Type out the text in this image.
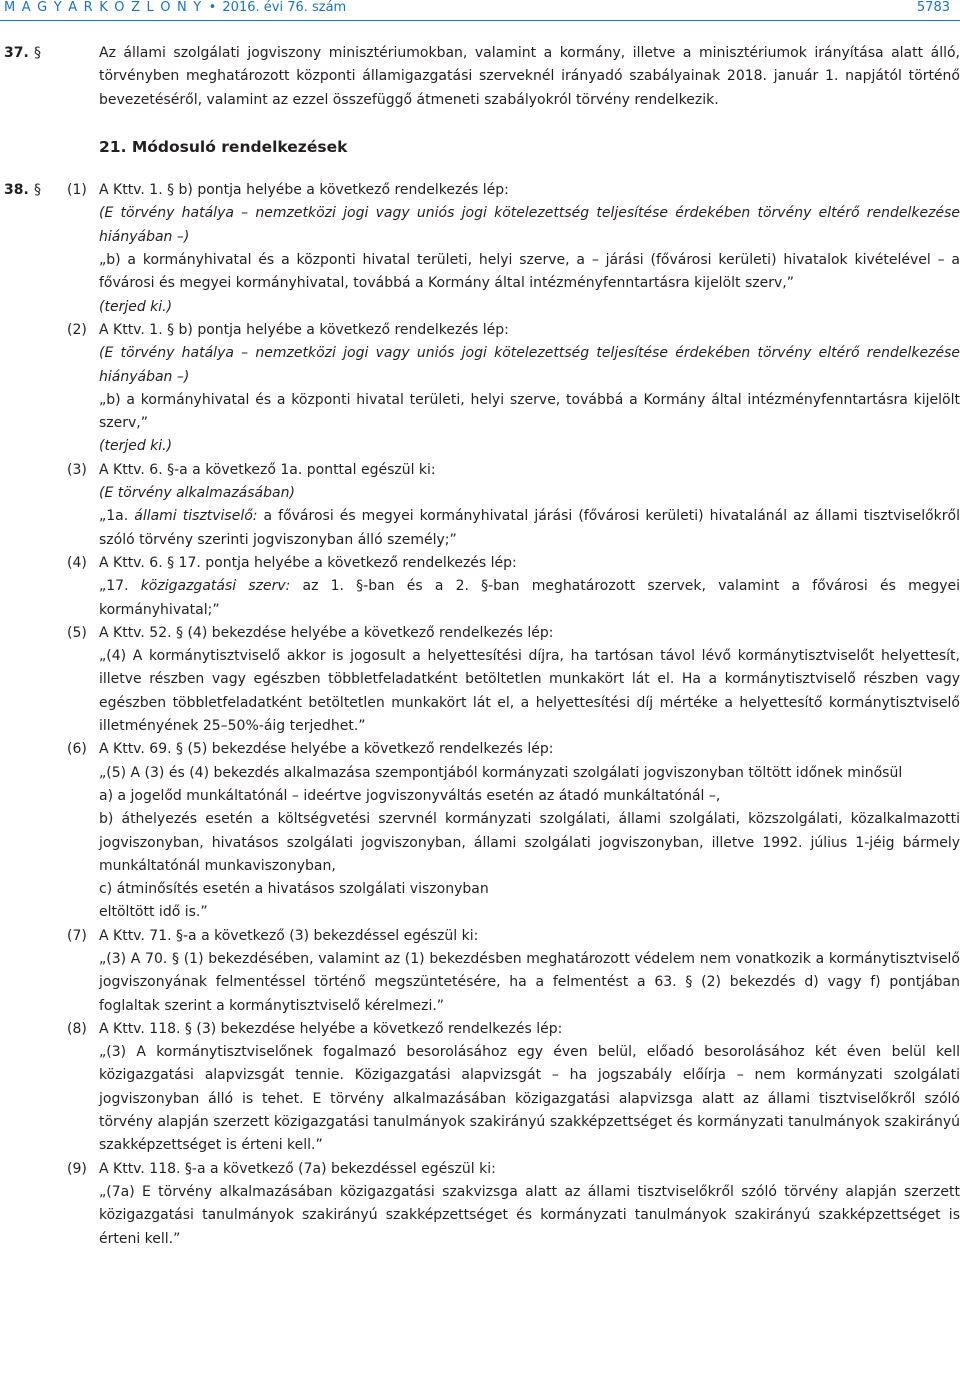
M A G Y A R K Ö Z L Ö N Y • 2016. évi 76. szám	5783
37. §	Az állami szolgálati jogviszony minisztériumokban, valamint a kormány, illetve a minisztériumok irányítása alatt álló, törvényben meghatározott központi államigazgatási szerveknél irányadó szabályainak 2018. január 1. napjától történő bevezetéséről, valamint az ezzel összefüggő átmeneti szabályokról törvény rendelkezik.
21. Módosuló rendelkezések
38. § (1) A Kttv. 1. § b) pontja helyébe a következő rendelkezés lép:
(E törvény hatálya – nemzetközi jogi vagy uniós jogi kötelezettség teljesítése érdekében törvény eltérő rendelkezése hiányában –)
„b) a kormányhivatal és a központi hivatal területi, helyi szerve, a – járási (fővárosi kerületi) hivatalok kivételével – a fővárosi és megyei kormányhivatal, továbbá a Kormány által intézményfenntartásra kijelölt szerv,”
(terjed ki.)
(2) A Kttv. 1. § b) pontja helyébe a következő rendelkezés lép:
(E törvény hatálya – nemzetközi jogi vagy uniós jogi kötelezettség teljesítése érdekében törvény eltérő rendelkezése hiányában –)
„b) a kormányhivatal és a központi hivatal területi, helyi szerve, továbbá a Kormány által intézményfenntartásra kijelölt szerv,”
(terjed ki.)
(3) A Kttv. 6. §-a a következő 1a. ponttal egészül ki:
(E törvény alkalmazásában)
„1a. állami tisztviselő: a fővárosi és megyei kormányhivatal járási (fővárosi kerületi) hivatalánál az állami tisztviselőkről szóló törvény szerinti jogviszonyban álló személy;”
(4) A Kttv. 6. § 17. pontja helyébe a következő rendelkezés lép:
„17. közigazgatási szerv: az 1. §-ban és a 2. §-ban meghatározott szervek, valamint a fővárosi és megyei kormányhivatal;”
(5) A Kttv. 52. § (4) bekezdése helyébe a következő rendelkezés lép:
„(4) A kormánytisztviselő akkor is jogosult a helyettesítési díjra, ha tartósan távol lévő kormánytisztviselőt helyettesít, illetve részben vagy egészben többletfeladatként betöltetlen munkakört lát el. Ha a kormánytisztviselő részben vagy egészben többletfeladatként betöltetlen munkakört lát el, a helyettesítési díj mértéke a helyettesítő kormánytisztviselő illetményének 25–50%-áig terjedhet.”
(6) A Kttv. 69. § (5) bekezdése helyébe a következő rendelkezés lép:
„(5) A (3) és (4) bekezdés alkalmazása szempontjából kormányzati szolgálati jogviszonyban töltött időnek minősül
a) a jogelőd munkáltatónál – ideértve jogviszonyváltás esetén az átadó munkáltatónál –,
b) áthelyezés esetén a költségvetési szervnél kormányzati szolgálati, állami szolgálati, közszolgálati, közalkalmazotti jogviszonyban, hivatásos szolgálati jogviszonyban, állami szolgálati jogviszonyban, illetve 1992. július 1-jéig bármely munkáltatónál munkaviszonyban,
c) átminősítés esetén a hivatásos szolgálati viszonyban
eltöltött idő is.”
(7) A Kttv. 71. §-a a következő (3) bekezdéssel egészül ki:
„(3) A 70. § (1) bekezdésében, valamint az (1) bekezdésben meghatározott védelem nem vonatkozik a kormánytisztviselő jogviszonyának felmentéssel történő megszüntetésére, ha a felmentést a 63. § (2) bekezdés d) vagy f) pontjában foglaltak szerint a kormánytisztviselő kérelmezi.”
(8) A Kttv. 118. § (3) bekezdése helyébe a következő rendelkezés lép:
„(3) A kormánytisztviselőnek fogalmazó besorolásához egy éven belül, előadó besorolásához két éven belül kell közigazgatási alapvizsgát tennie. Közigazgatási alapvizsgát – ha jogszabály előírja – nem kormányzati szolgálati jogviszonyban álló is tehet. E törvény alkalmazásában közigazgatási alapvizsga alatt az állami tisztviselőkről szóló törvény alapján szerzett közigazgatási tanulmányok szakirányú szakképzettséget és kormányzati tanulmányok szakirányú szakképzettséget is érteni kell.”
(9) A Kttv. 118. §-a a következő (7a) bekezdéssel egészül ki:
„(7a) E törvény alkalmazásában közigazgatási szakvizsga alatt az állami tisztviselőkről szóló törvény alapján szerzett közigazgatási tanulmányok szakirányú szakképzettséget és kormányzati tanulmányok szakirányú szakképzettséget is érteni kell.”
